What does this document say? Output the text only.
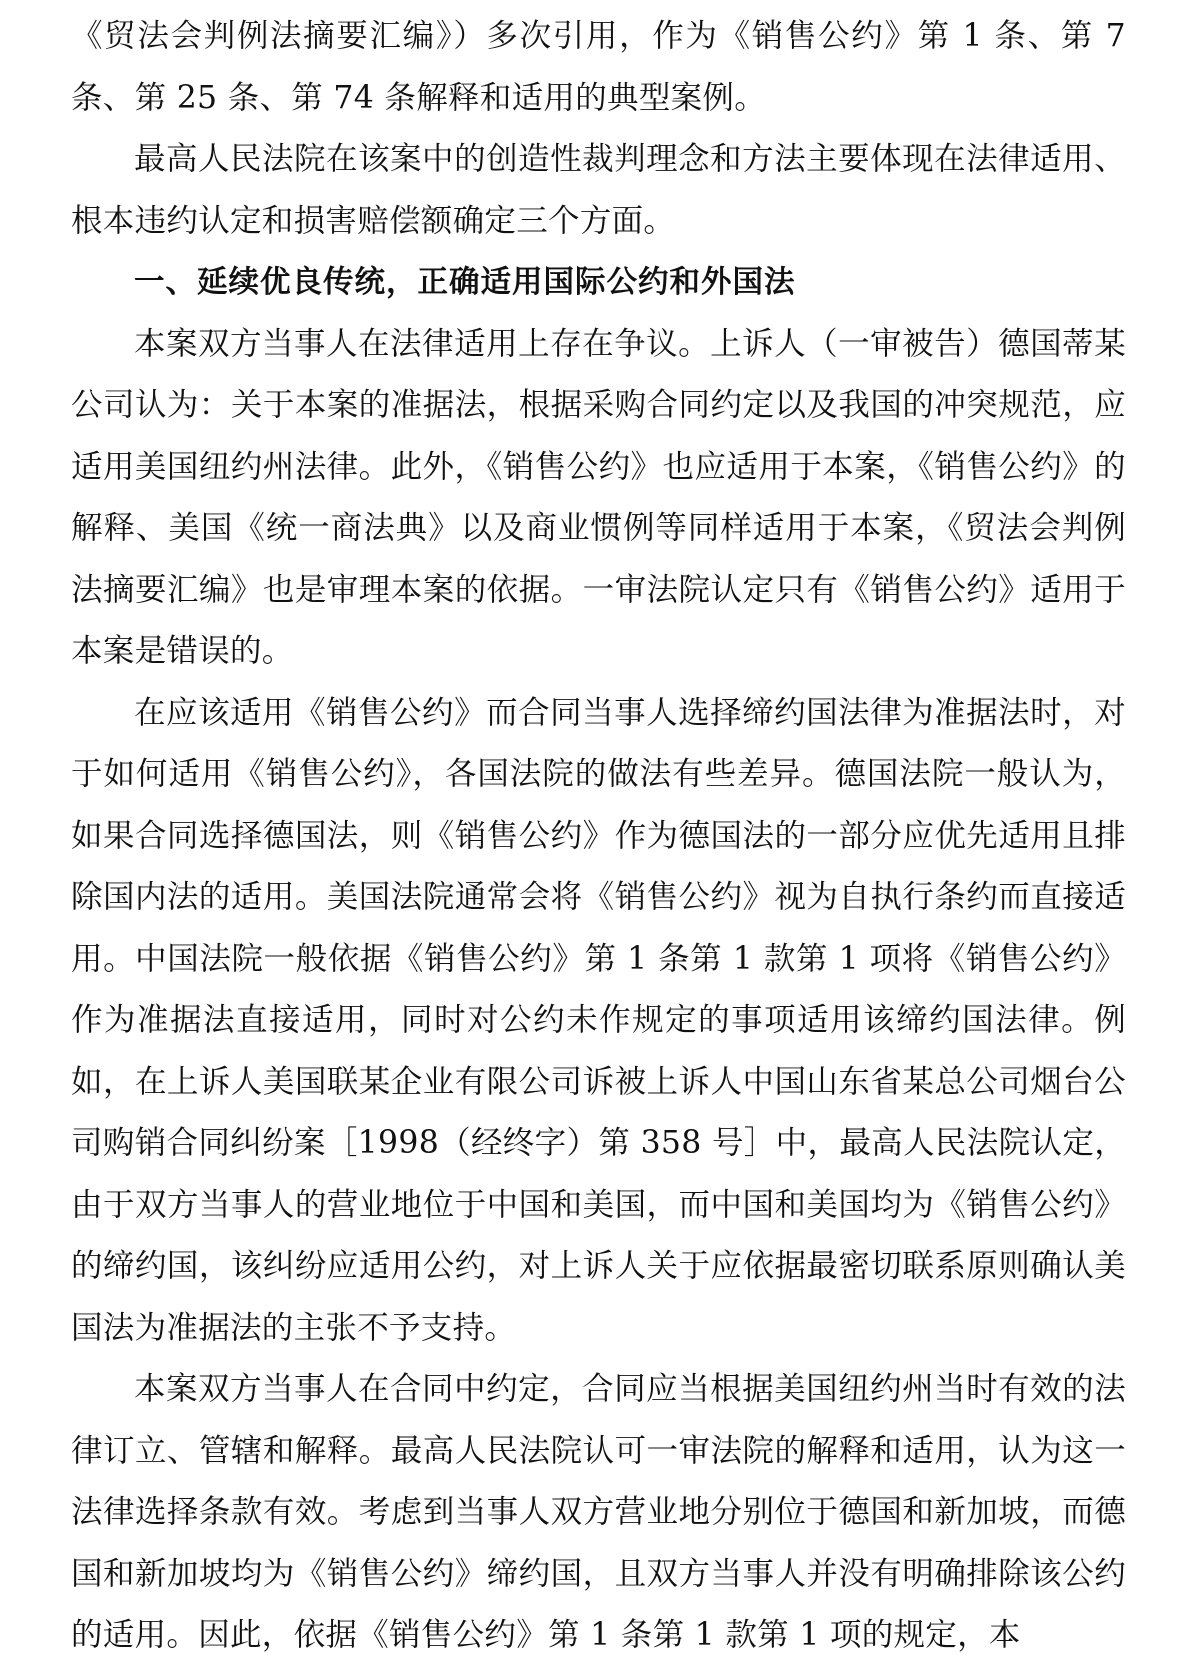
《贸法会判例法摘要汇编》）多次引用，作为《销售公约》第 1 条、第 7 条、第 25 条、第 74 条解释和适用的典型案例。

最高人民法院在该案中的创造性裁判理念和方法主要体现在法律适用、根本违约认定和损害赔偿额确定三个方面。

一、延续优良传统，正确适用国际公约和外国法

本案双方当事人在法律适用上存在争议。上诉人（一审被告）德国蒂某公司认为：关于本案的准据法，根据采购合同约定以及我国的冲突规范，应适用美国纽约州法律。此外，《销售公约》也应适用于本案，《销售公约》的解释、美国《统一商法典》以及商业惯例等同样适用于本案，《贸法会判例法摘要汇编》也是审理本案的依据。一审法院认定只有《销售公约》适用于本案是错误的。

在应该适用《销售公约》而合同当事人选择缔约国法律为准据法时，对于如何适用《销售公约》，各国法院的做法有些差异。德国法院一般认为，如果合同选择德国法，则《销售公约》作为德国法的一部分应优先适用且排除国内法的适用。美国法院通常会将《销售公约》视为自执行条约而直接适用。中国法院一般依据《销售公约》第 1 条第 1 款第 1 项将《销售公约》作为准据法直接适用，同时对公约未作规定的事项适用该缔约国法律。例如，在上诉人美国联某企业有限公司诉被上诉人中国山东省某总公司烟台公司购销合同纠纷案［1998（经终字）第 358 号］中，最高人民法院认定，由于双方当事人的营业地位于中国和美国，而中国和美国均为《销售公约》的缔约国，该纠纷应适用公约，对上诉人关于应依据最密切联系原则确认美国法为准据法的主张不予支持。

本案双方当事人在合同中约定，合同应当根据美国纽约州当时有效的法律订立、管辖和解释。最高人民法院认可一审法院的解释和适用，认为这一法律选择条款有效。考虑到当事人双方营业地分别位于德国和新加坡，而德国和新加坡均为《销售公约》缔约国，且双方当事人并没有明确排除该公约的适用。因此，依据《销售公约》第 1 条第 1 款第 1 项的规定，本
